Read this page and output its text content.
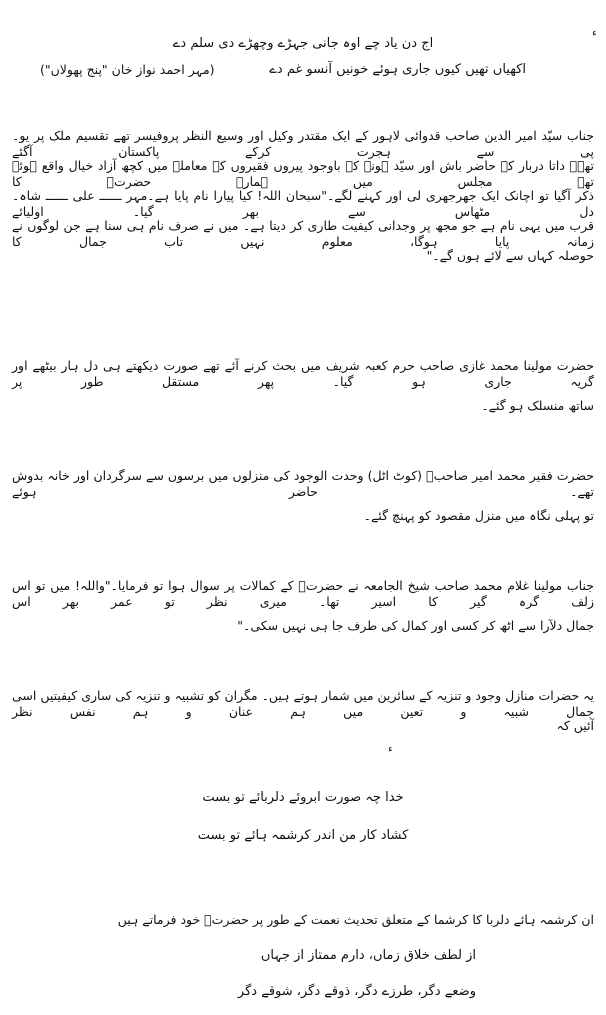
ء
اج دن یاد چے اوہ جانی جہڑے وچھڑے دی سلم دے
اکھیاں تھیں کیوں جاری ہوئے خونیں آنسو غم دے
(مہر احمد نواز خان "پنج پھولاں")
جناب سیّد امیر الدین صاحب قدوائی لاہور کے ایک مقتدر وکیل اور وسیع النظر پروفیسر تھے تقسیم ملک پر یو۔ پی سے ہجرت کرکے پاکستان آگئے
تھے۔ داتا دربار کے حاضر باش اور سیّد ہونے کے باوجود پیروں فقیروں کے معاملہ میں کچھ آزاد خیال واقع ہوئے تھے مجلس میں ہمارے حضرتؒ کا
ذکر آگیا تو اچانک ایک جھرجھری لی اور کہنے لگے۔"سبحان اللہ! کیا پیارا نام پایا ہے۔مہر ــــــ علی ــــــ شاہ۔ دل مٹھاس سے بھر گیا۔ اولیائے
قرب میں یہی نام ہے جو مجھ پر وجدانی کیفیت طاری کر دیتا ہے۔ میں نے صرف نام ہی سنا ہے جن لوگوں نے زمانہ پایا ہوگا، معلوم نہیں تاب جمال کا
حوصلہ کہاں سے لائے ہوں گے۔"
حضرت مولینا محمد غازی صاحب حرم کعبہ شریف میں بحث کرنے آئے تھے صورت دیکھتے ہی دل ہار بیٹھے اور گریہ جاری ہو گیا۔ پھر مستقل طور پر
ساتھ منسلک ہو گئے۔
حضرت فقیر محمد امیر صاحبؒ (کوٹ اٹل) وحدت الوجود کی منزلوں میں برسوں سے سرگردان اور خانہ بدوش تھے۔ حاضر ہوئے
تو پہلی نگاہ میں منزل مقصود کو پہنچ گئے۔
جناب مولینا غلام محمد صاحب شیخ الجامعہ نے حضرتؒ کے کمالات پر سوال ہوا تو فرمایا۔"واللہ! میں تو اس زلف گرہ گیر کا اسیر تھا۔ میری نظر تو عمر بھر اس
جمال دلآرا سے اٹھ کر کسی اور کمال کی طرف جا ہی نہیں سکی۔"
یہ حضرات منازل وجود و تنزیہ کے سائرین میں شمار ہوتے ہیں۔ مگران کو تشبیہ و تنزیہ کی ساری کیفیتیں اسی جمال شبیہ و تعین میں ہم عنان و ہم نفس نظر
آئیں کہ
ء
خدا چہ صورت ابروئے دلربائے تو بست
کشاد کار من اندر کرشمہ ہائے تو بست
ان کرشمہ ہائے دلربا کا کرشما کے متعلق تحدیث نعمت کے طور پر حضرتؒ خود فرماتے ہیں
از لطف خلاق زماں، دارم ممتاز از جہاں
وضعے دگر، طرزے دگر، ذوقے دگر، شوقے دگر
